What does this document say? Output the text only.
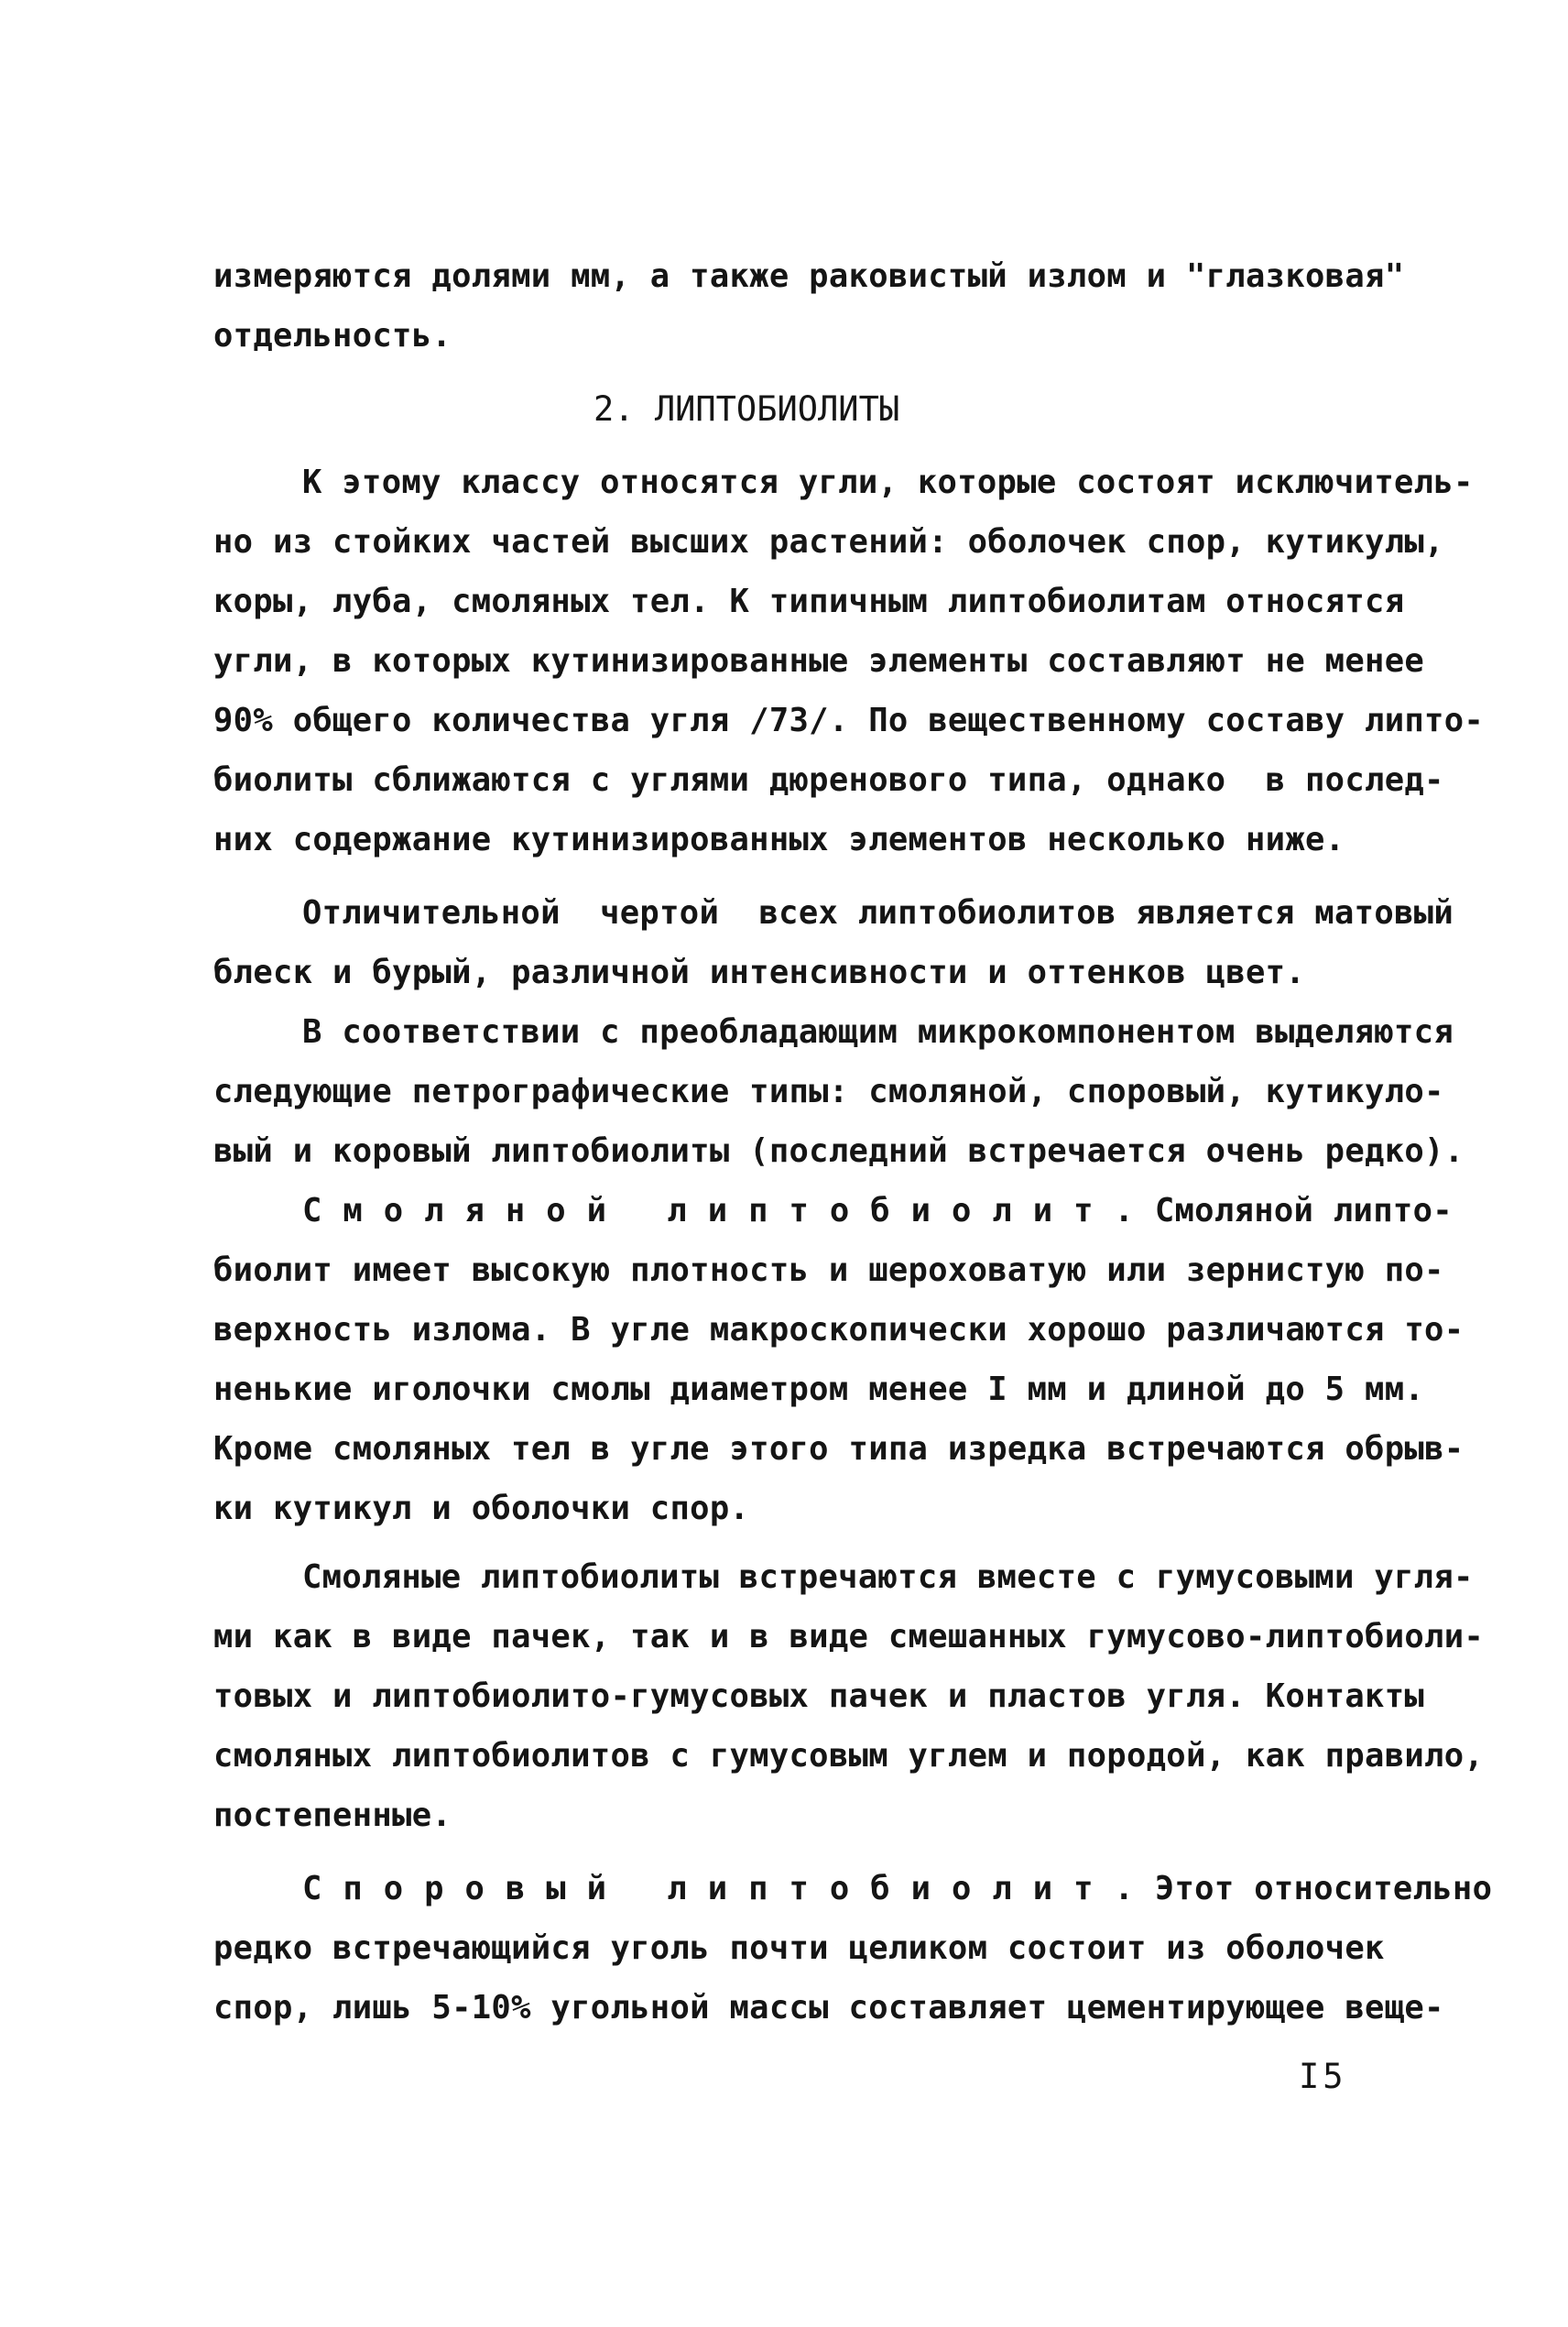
измеряются долями мм, а также раковистый излом и "глазковая"
отдельность.
2. ЛИПТОБИОЛИТЫ
К этому классу относятся угли, которые состоят исключитель-
но из стойких частей высших растений: оболочек спор, кутикулы,
коры, луба, смоляных тел. К типичным липтобиолитам относятся
угли, в которых кутинизированные элементы составляют не менее
90% общего количества угля /73/. По вещественному составу липто-
биолиты сближаются с углями дюренового типа, однако  в послед-
них содержание кутинизированных элементов несколько ниже.
Отличительной  чертой  всех липтобиолитов является матовый
блеск и бурый, различной интенсивности и оттенков цвет.
В соответствии с преобладающим микрокомпонентом выделяются
следующие петрографические типы: смоляной, споровый, кутикуло-
вый и коровый липтобиолиты (последний встречается очень редко).
Смоляной липтобиолит.Смоляной липто-
биолит имеет высокую плотность и шероховатую или зернистую по-
верхность излома. В угле макроскопически хорошо различаются то-
ненькие иголочки смолы диаметром менее I мм и длиной до 5 мм.
Кроме смоляных тел в угле этого типа изредка встречаются обрыв-
ки кутикул и оболочки спор.
Смоляные липтобиолиты встречаются вместе с гумусовыми угля-
ми как в виде пачек, так и в виде смешанных гумусово-липтобиоли-
товых и липтобиолито-гумусовых пачек и пластов угля. Контакты
смоляных липтобиолитов с гумусовым углем и породой, как правило,
постепенные.
Споровый липтобиолит.Этот относительно
редко встречающийся уголь почти целиком состоит из оболочек
спор, лишь 5-10% угольной массы составляет цементирующее веще-
I5
